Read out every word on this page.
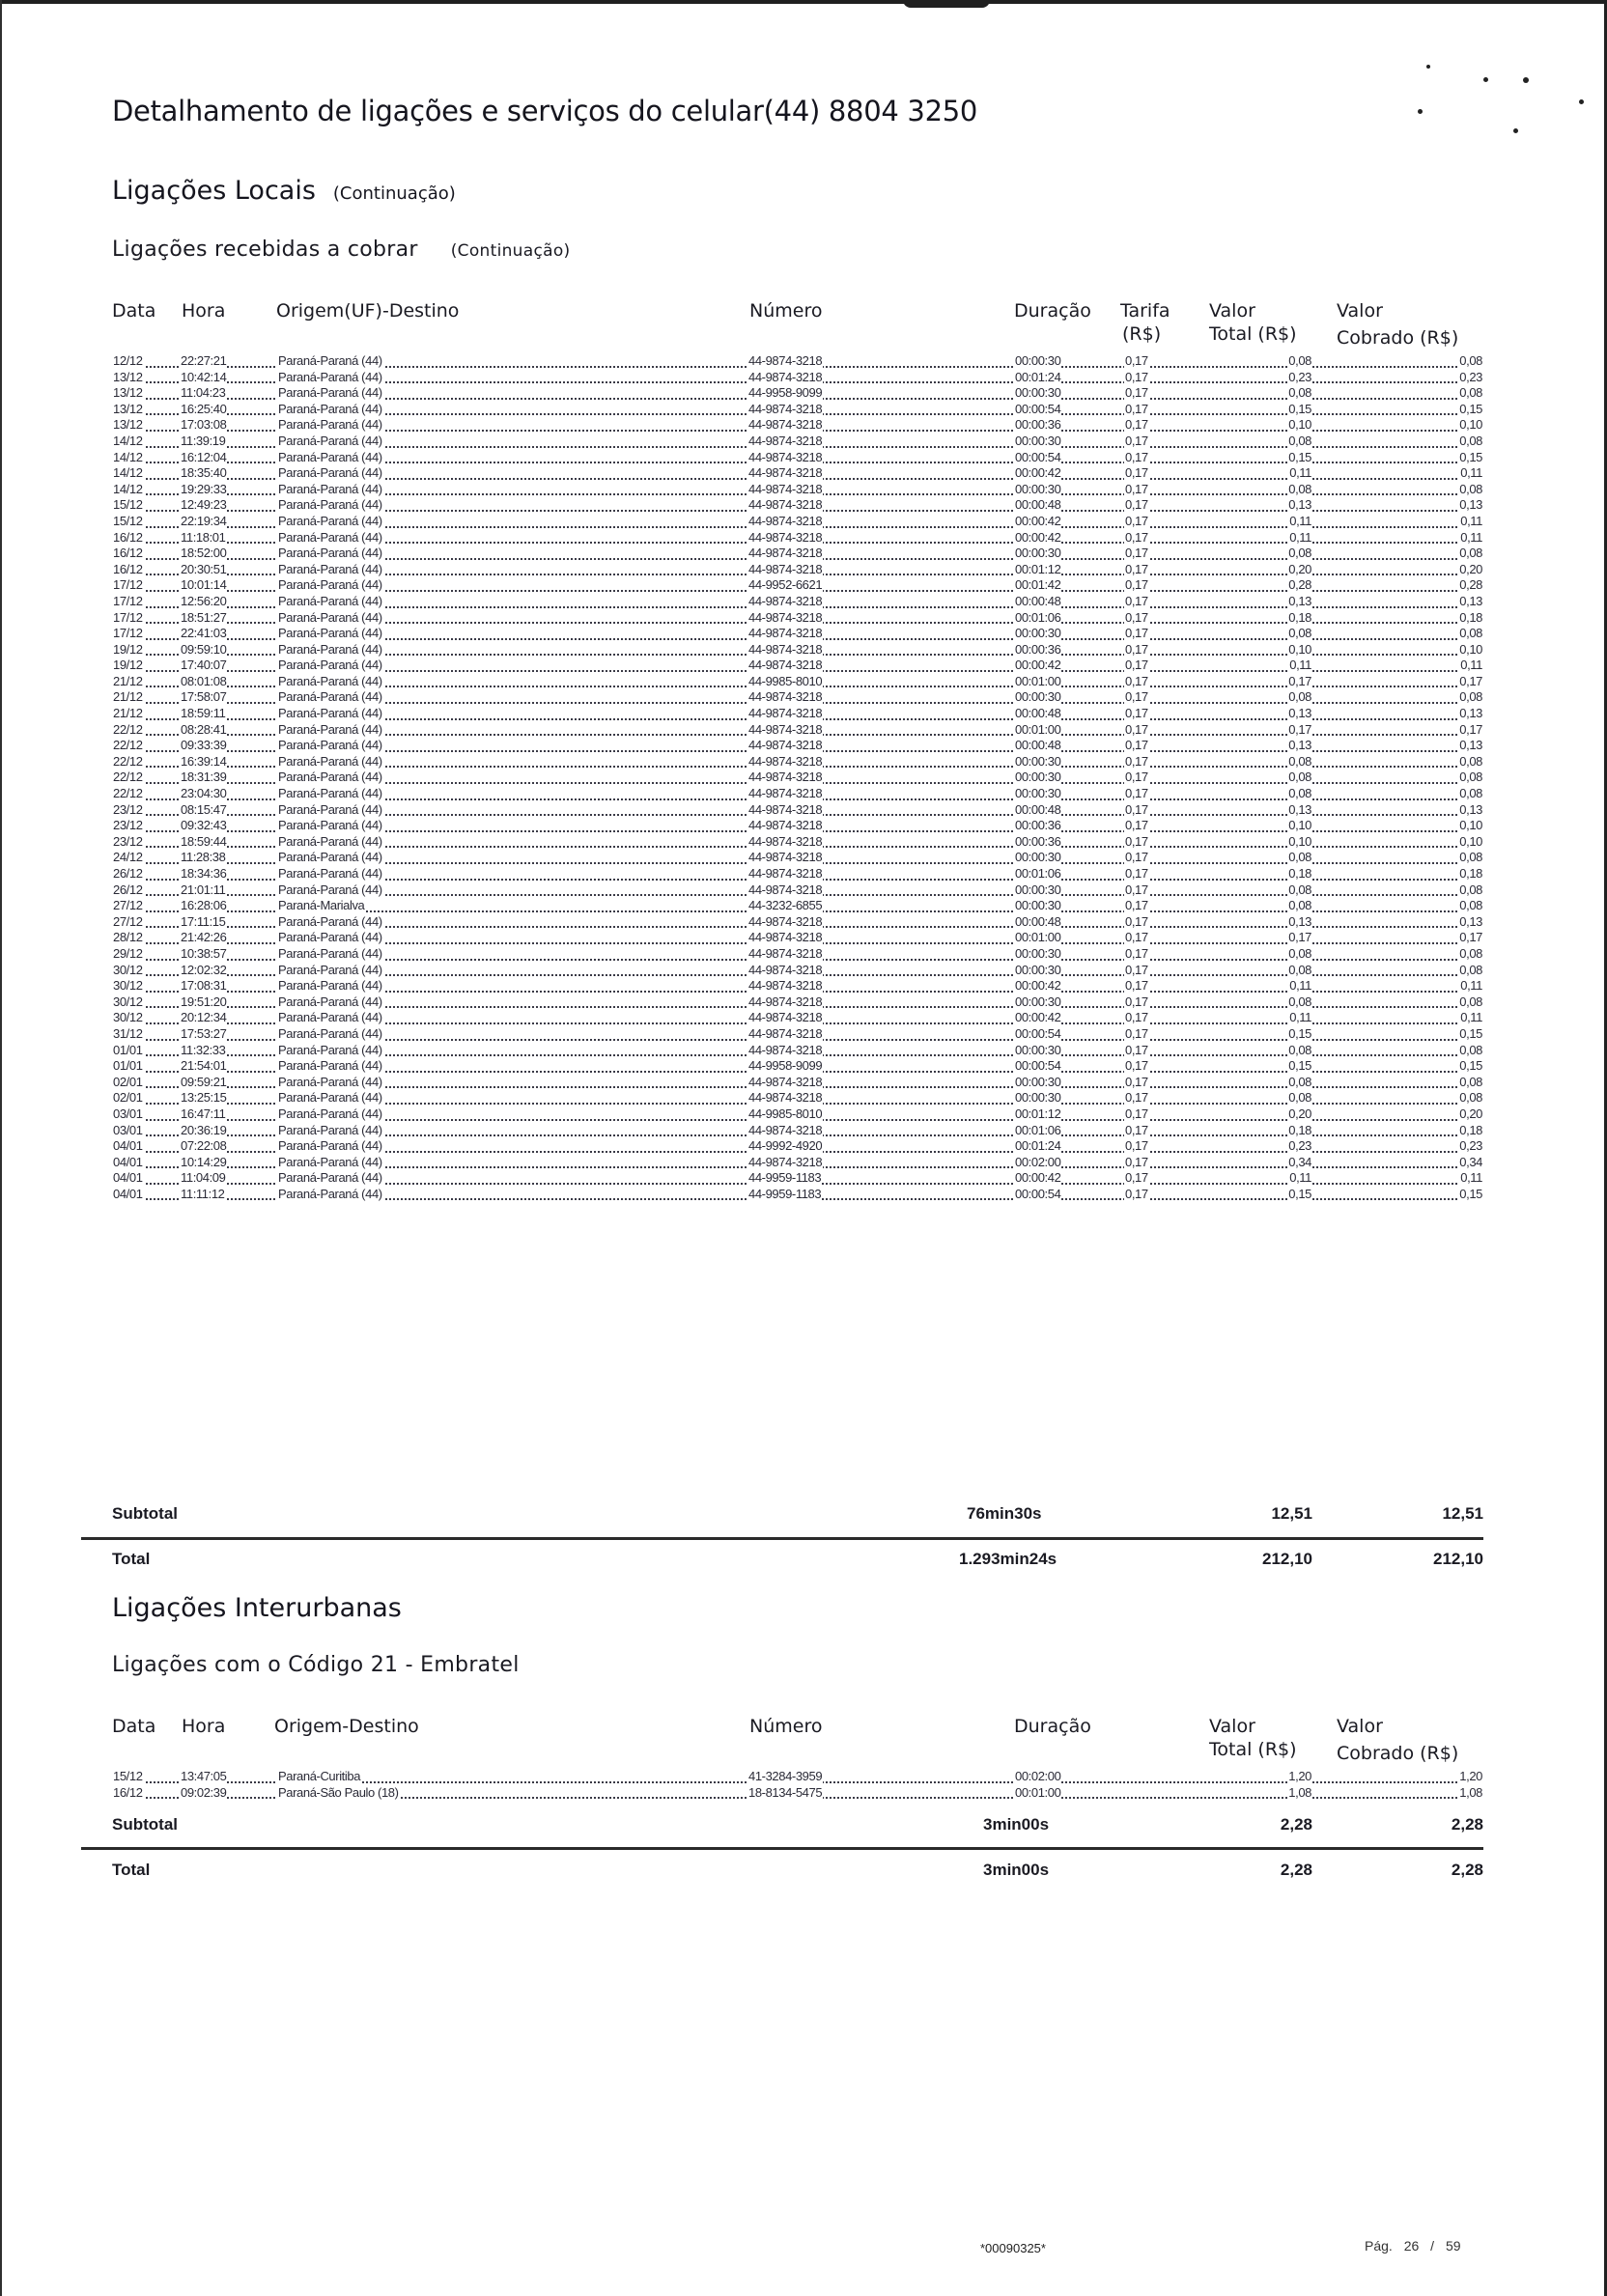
Detalhamento de ligações e serviços do celular(44) 8804 3250
Ligações Locais (Continuação)
Ligações recebidas a cobrar (Continuação)
Data Hora	Origem(UF)-Destino	Número	Duração Tarifa
(R$)
Valor
Total (R$)
Valor
Cobrado (R$)
12/12	22:27:21	Paraná-Paraná (44)	44-9874-3218	00:00:30	0,17	0,08	0,08
13/12	10:42:14	Paraná-Paraná (44)	44-9874-3218	00:01:24	0,17	0,23	0,23
13/12	11:04:23	Paraná-Paraná (44)	44-9958-9099	00:00:30	0,17	0,08	0,08
13/12	16:25:40	Paraná-Paraná (44)	44-9874-3218	00:00:54	0,17	0,15	0,15
13/12	17:03:08	Paraná-Paraná (44)	44-9874-3218	00:00:36	0,17	0,10	0,10
14/12	11:39:19	Paraná-Paraná (44)	44-9874-3218	00:00:30	0,17	0,08	0,08
14/12	16:12:04	Paraná-Paraná (44)	44-9874-3218	00:00:54	0,17	0,15	0,15
14/12	18:35:40	Paraná-Paraná (44)	44-9874-3218	00:00:42	0,17	0,11	0,11
14/12	19:29:33	Paraná-Paraná (44)	44-9874-3218	00:00:30	0,17	0,08	0,08
15/12	12:49:23	Paraná-Paraná (44)	44-9874-3218	00:00:48	0,17	0,13	0,13
15/12	22:19:34	Paraná-Paraná (44)	44-9874-3218	00:00:42	0,17	0,11	0,11
16/12	11:18:01	Paraná-Paraná (44)	44-9874-3218	00:00:42	0,17	0,11	0,11
16/12	18:52:00	Paraná-Paraná (44)	44-9874-3218	00:00:30	0,17	0,08	0,08
16/12	20:30:51	Paraná-Paraná (44)	44-9874-3218	00:01:12	0,17	0,20	0,20
17/12	10:01:14	Paraná-Paraná (44)	44-9952-6621	00:01:42	0,17	0,28	0,28
17/12	12:56:20	Paraná-Paraná (44)	44-9874-3218	00:00:48	0,17	0,13	0,13
17/12	18:51:27	Paraná-Paraná (44)	44-9874-3218	00:01:06	0,17	0,18	0,18
17/12	22:41:03	Paraná-Paraná (44)	44-9874-3218	00:00:30	0,17	0,08	0,08
19/12	09:59:10	Paraná-Paraná (44)	44-9874-3218	00:00:36	0,17	0,10	0,10
19/12	17:40:07	Paraná-Paraná (44)	44-9874-3218	00:00:42	0,17	0,11	0,11
21/12	08:01:08	Paraná-Paraná (44)	44-9985-8010	00:01:00	0,17	0,17	0,17
21/12	17:58:07	Paraná-Paraná (44)	44-9874-3218	00:00:30	0,17	0,08	0,08
21/12	18:59:11	Paraná-Paraná (44)	44-9874-3218	00:00:48	0,17	0,13	0,13
22/12	08:28:41	Paraná-Paraná (44)	44-9874-3218	00:01:00	0,17	0,17	0,17
22/12	09:33:39	Paraná-Paraná (44)	44-9874-3218	00:00:48	0,17	0,13	0,13
22/12	16:39:14	Paraná-Paraná (44)	44-9874-3218	00:00:30	0,17	0,08	0,08
22/12	18:31:39	Paraná-Paraná (44)	44-9874-3218	00:00:30	0,17	0,08	0,08
22/12	23:04:30	Paraná-Paraná (44)	44-9874-3218	00:00:30	0,17	0,08	0,08
23/12	08:15:47	Paraná-Paraná (44)	44-9874-3218	00:00:48	0,17	0,13	0,13
23/12	09:32:43	Paraná-Paraná (44)	44-9874-3218	00:00:36	0,17	0,10	0,10
23/12	18:59:44	Paraná-Paraná (44)	44-9874-3218	00:00:36	0,17	0,10	0,10
24/12	11:28:38	Paraná-Paraná (44)	44-9874-3218	00:00:30	0,17	0,08	0,08
26/12	18:34:36	Paraná-Paraná (44)	44-9874-3218	00:01:06	0,17	0,18	0,18
26/12	21:01:11	Paraná-Paraná (44)	44-9874-3218	00:00:30	0,17	0,08	0,08
27/12	16:28:06	Paraná-Marialva	44-3232-6855	00:00:30	0,17	0,08	0,08
27/12	17:11:15	Paraná-Paraná (44)	44-9874-3218	00:00:48	0,17	0,13	0,13
28/12	21:42:26	Paraná-Paraná (44)	44-9874-3218	00:01:00	0,17	0,17	0,17
29/12	10:38:57	Paraná-Paraná (44)	44-9874-3218	00:00:30	0,17	0,08	0,08
30/12	12:02:32	Paraná-Paraná (44)	44-9874-3218	00:00:30	0,17	0,08	0,08
30/12	17:08:31	Paraná-Paraná (44)	44-9874-3218	00:00:42	0,17	0,11	0,11
30/12	19:51:20	Paraná-Paraná (44)	44-9874-3218	00:00:30	0,17	0,08	0,08
30/12	20:12:34	Paraná-Paraná (44)	44-9874-3218	00:00:42	0,17	0,11	0,11
31/12	17:53:27	Paraná-Paraná (44)	44-9874-3218	00:00:54	0,17	0,15	0,15
01/01	11:32:33	Paraná-Paraná (44)	44-9874-3218	00:00:30	0,17	0,08	0,08
01/01	21:54:01	Paraná-Paraná (44)	44-9958-9099	00:00:54	0,17	0,15	0,15
02/01	09:59:21	Paraná-Paraná (44)	44-9874-3218	00:00:30	0,17	0,08	0,08
02/01	13:25:15	Paraná-Paraná (44)	44-9874-3218	00:00:30	0,17	0,08	0,08
03/01	16:47:11	Paraná-Paraná (44)	44-9985-8010	00:01:12	0,17	0,20	0,20
03/01	20:36:19	Paraná-Paraná (44)	44-9874-3218	00:01:06	0,17	0,18	0,18
04/01	07:22:08	Paraná-Paraná (44)	44-9992-4920	00:01:24	0,17	0,23	0,23
04/01	10:14:29	Paraná-Paraná (44)	44-9874-3218	00:02:00	0,17	0,34	0,34
04/01	11:04:09	Paraná-Paraná (44)	44-9959-1183	00:00:42	0,17	0,11	0,11
04/01	11:11:12	Paraná-Paraná (44)	44-9959-1183	00:00:54	0,17	0,15	0,15
Subtotal	76min30s	12,51	12,51
Total	1.293min24s	212,10	212,10
Ligações Interurbanas
Ligações com o Código 21 - Embratel
Data Hora	Origem-Destino	Número	Duração	Valor
Total (R$)
Valor
Cobrado (R$)
15/12	13:47:05	Paraná-Curitiba	41-3284-3959	00:02:00	1,20	1,20
16/12	09:02:39	Paraná-São Paulo (18)	18-8134-5475	00:01:00	1,08	1,08
Subtotal	3min00s	2,28	2,28
Total	3min00s	2,28	2,28
*00090325*	Pág. 26 / 59
